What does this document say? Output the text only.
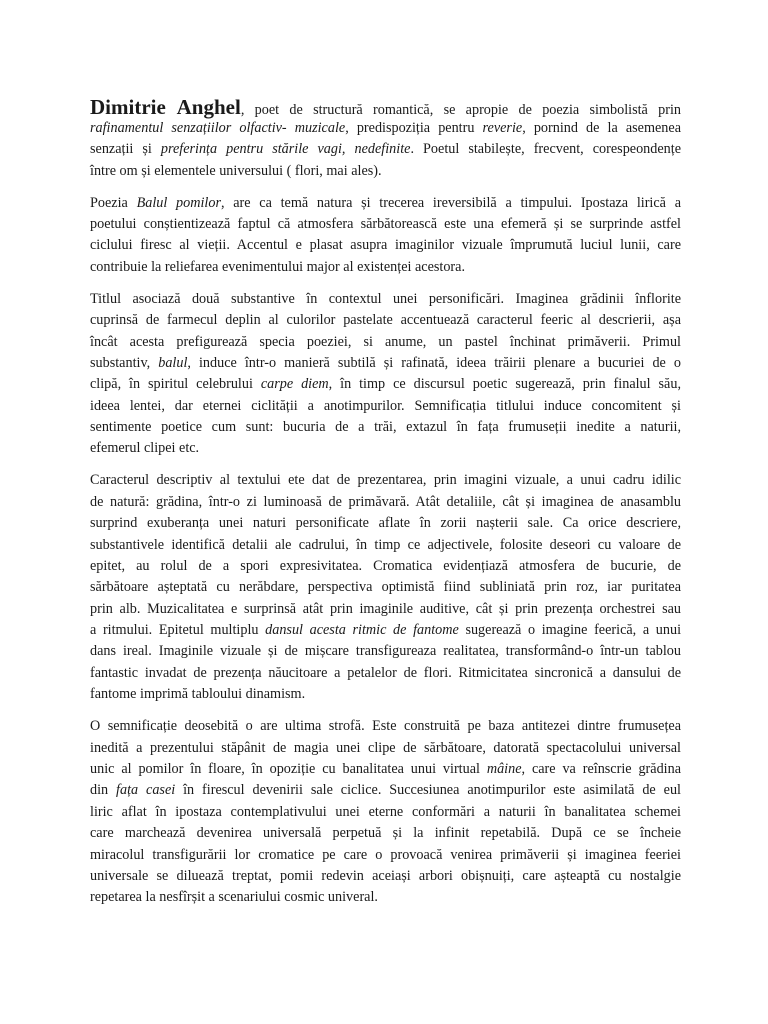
Dimitrie Anghel, poet de structură romantică, se apropie de poezia simbolistă prin
rafinamentul senzațiilor olfactiv- muzicale, predispoziția pentru reverie, pornind de la asemenea
senzații și preferința pentru stările vagi, nedefinite. Poetul stabilește, frecvent, corespeondențe
între om și elementele universului ( flori, mai ales).
Poezia Balul pomilor, are ca temă natura și trecerea ireversibilă a timpului. Ipostaza lirică a
poetului conștientizează faptul că atmosfera sărbătorească este una efemeră și se surprinde astfel
ciclului firesc al vieții. Accentul e plasat asupra imaginilor vizuale împrumută luciul lunii, care
contribuie la reliefarea evenimentului major al existenței acestora.
Titlul asociază două substantive în contextul unei personificări. Imaginea grădinii înflorite
cuprinsă de farmecul deplin al culorilor pastelate accentuează caracterul feeric al descrierii, așa
încât acesta prefigurează specia poeziei, si anume, un pastel închinat primăverii. Primul
substantiv, balul, induce într-o manieră subtilă și rafinată, ideea trăirii plenare a bucuriei de o
clipă, în spiritul celebrului carpe diem, în timp ce discursul poetic sugerează, prin finalul său,
ideea lentei, dar eternei ciclității a anotimpurilor. Semnificația titlului induce concomitent și
sentimente poetice cum sunt: bucuria de a trăi, extazul în fața frumuseții inedite a naturii,
efemerul clipei etc.
Caracterul descriptiv al textului ete dat de prezentarea, prin imagini vizuale, a unui cadru idilic
de natură: grădina, într-o zi luminoasă de primăvară. Atât detaliile, cât și imaginea de anasamblu
surprind exuberanța unei naturi personificate aflate în zorii nașterii sale. Ca orice descriere,
substantivele identifică detalii ale cadrului, în timp ce adjectivele, folosite deseori cu valoare de
epitet, au rolul de a spori expresivitatea. Cromatica evidențiază atmosfera de bucurie, de
sărbătoare așteptată cu nerăbdare, perspectiva optimistă fiind subliniată prin roz, iar puritatea
prin alb. Muzicalitatea e surprinsă atât prin imaginile auditive, cât și prin prezența orchestrei sau
a ritmului. Epitetul multiplu dansul acesta ritmic de fantome sugerează o imagine feerică, a unui
dans ireal. Imaginile vizuale și de mișcare transfigureaza realitatea, transformând-o într-un tablou
fantastic invadat de prezența năucitoare a petalelor de flori. Ritmicitatea sincronică a dansului de
fantome imprimă tabloului dinamism.
O semnificație deosebită o are ultima strofă. Este construită pe baza antitezei dintre frumusețea
inedită a prezentului stăpânit de magia unei clipe de sărbătoare, datorată spectacolului universal
unic al pomilor în floare, în opoziție cu banalitatea unui virtual mâine, care va reînscrie grădina
din fața casei în firescul devenirii sale ciclice. Succesiunea anotimpurilor este asimilată de eul
liric aflat în ipostaza contemplativului unei eterne conformări a naturii în banalitatea schemei
care marchează devenirea universală perpetuă și la infinit repetabilă. După ce se încheie
miracolul transfigurării lor cromatice pe care o provoacă venirea primăverii și imaginea feeriei
universale se diluează treptat, pomii redevin aceiași arbori obișnuiți, care așteaptă cu nostalgie
repetarea la nesfîrșit a scenariului cosmic univeral.
